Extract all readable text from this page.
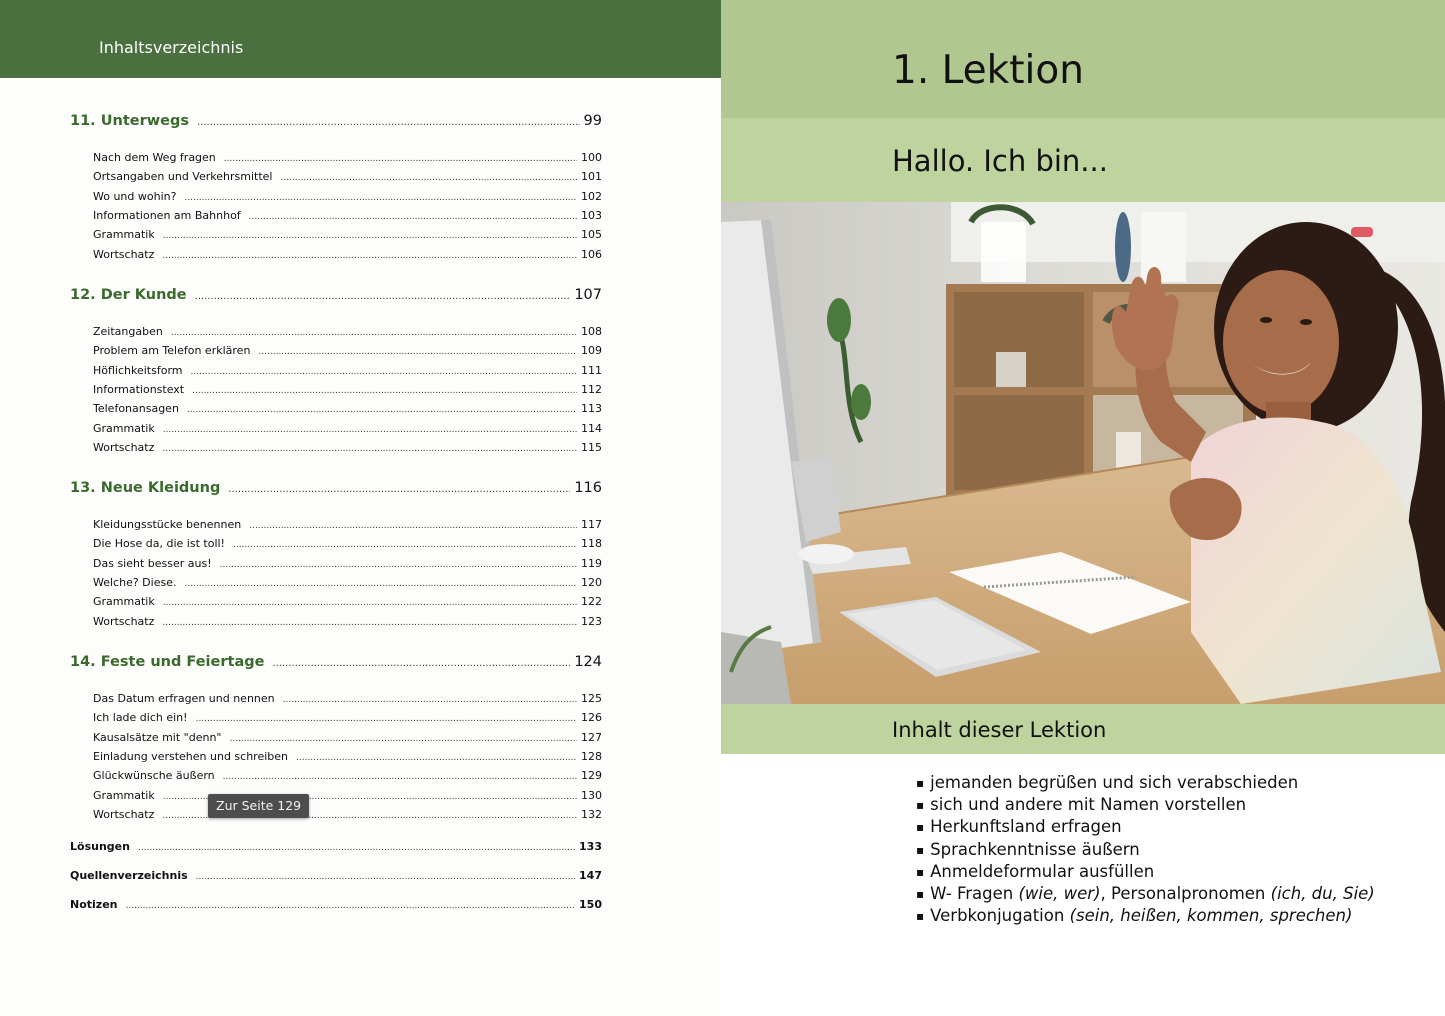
Inhaltsverzeichnis
11. Unterwegs .....	99
Nach dem Weg fragen .....	100
Ortsangaben und Verkehrsmittel .....	101
Wo und wohin? .....	102
Informationen am Bahnhof .....	103
Grammatik .....	105
Wortschatz .....	106
12. Der Kunde .....	107
Zeitangaben .....	108
Problem am Telefon erklären .....	109
Höflichkeitsform .....	111
Informationstext .....	112
Telefonansagen .....	113
Grammatik .....	114
Wortschatz .....	115
13. Neue Kleidung .....	116
Kleidungsstücke benennen .....	117
Die Hose da, die ist toll! .....	118
Das sieht besser aus! .....	119
Welche? Diese. .....	120
Grammatik .....	122
Wortschatz .....	123
14. Feste und Feiertage .....	124
Das Datum erfragen und nennen .....	125
Ich lade dich ein! .....	126
Kausalsätze mit "denn" .....	127
Einladung verstehen und schreiben .....	128
Glückwünsche äußern .....	129
Grammatik .....	130
Wortschatz .....	132
Lösungen .....	133
Quellenverzeichnis .....	147
Notizen .....	150
Zur Seite 129
1. Lektion
Hallo. Ich bin...
Inhalt dieser Lektion
▪ jemanden begrüßen und sich verabschieden
▪ sich und andere mit Namen vorstellen
▪ Herkunftsland erfragen
▪ Sprachkenntnisse äußern
▪ Anmeldeformular ausfüllen
▪ W- Fragen (wie, wer), Personalpronomen (ich, du, Sie)
▪ Verbkonjugation (sein, heißen, kommen, sprechen)
